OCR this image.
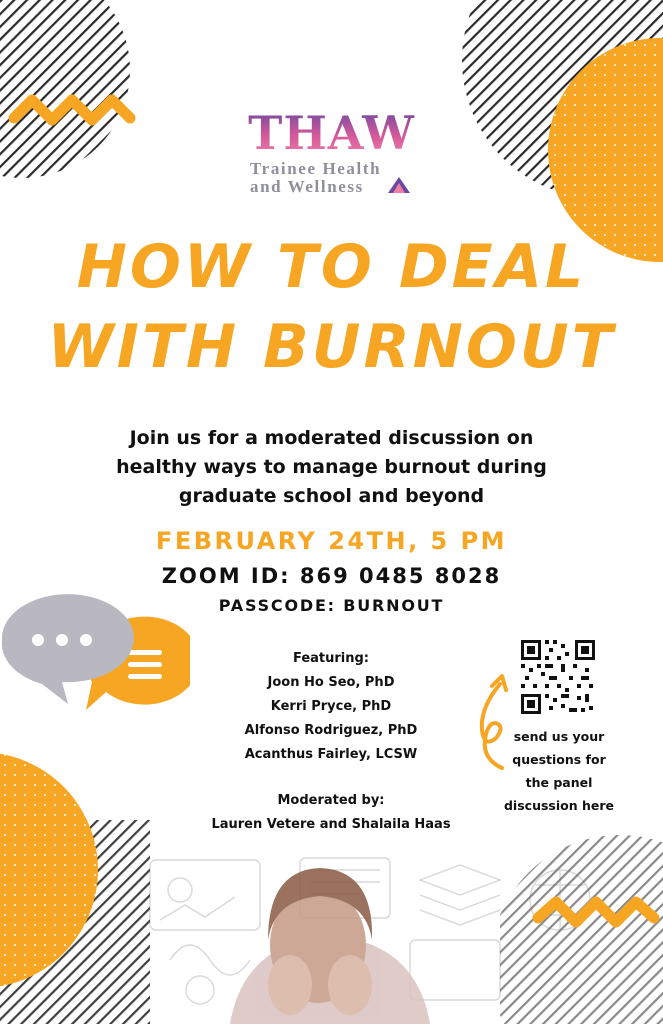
THAW
Trainee Health
and Wellness
HOW TO DEAL
WITH BURNOUT
Join us for a moderated discussion on
healthy ways to manage burnout during
graduate school and beyond
FEBRUARY 24TH, 5 PM
ZOOM ID: 869 0485 8028
PASSCODE: BURNOUT
Featuring:
Joon Ho Seo, PhD
Kerri Pryce, PhD
Alfonso Rodriguez, PhD
Acanthus Fairley, LCSW
Moderated by:
Lauren Vetere and Shalaila Haas
send us your
questions for
the panel
discussion here
